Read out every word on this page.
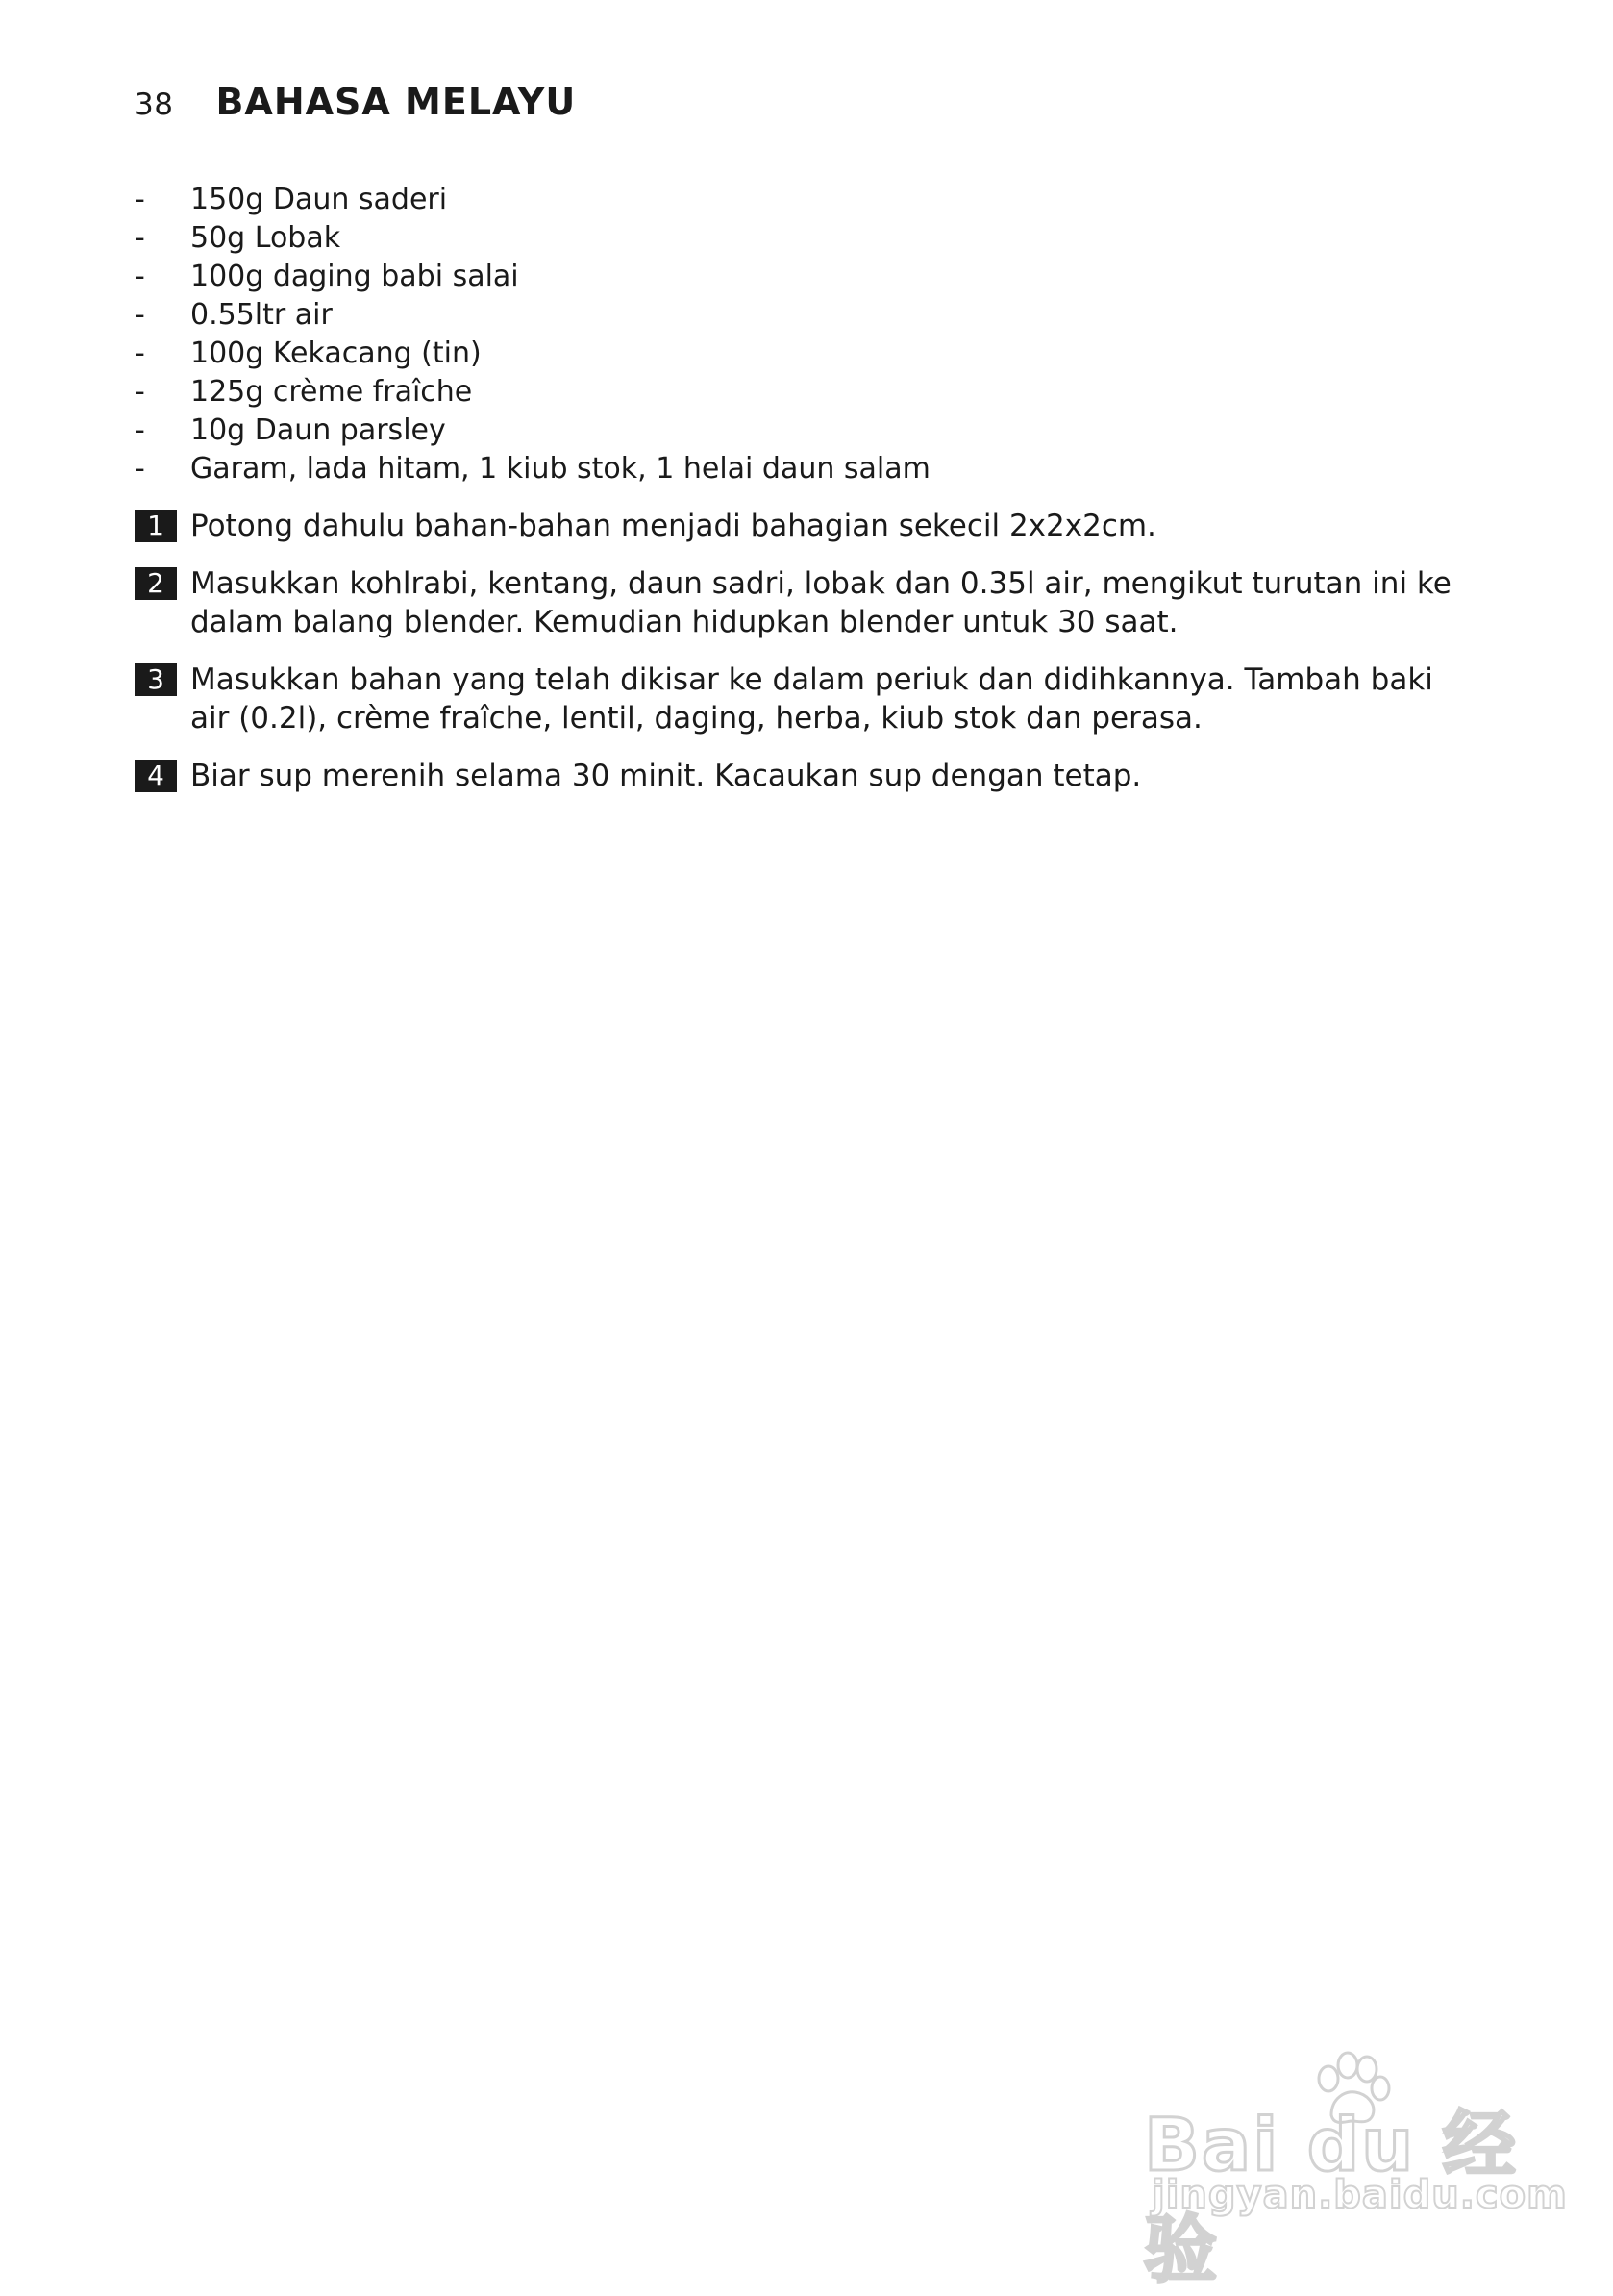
38 BAHASA MELAYU
-	150g Daun saderi
-	50g Lobak
-	100g daging babi salai
-	0.55ltr air
-	100g Kekacang (tin)
-	125g crème fraîche
-	10g Daun parsley
-	Garam, lada hitam, 1 kiub stok, 1 helai daun salam
1 Potong dahulu bahan-bahan menjadi bahagian sekecil 2x2x2cm.
2 Masukkan kohlrabi, kentang, daun sadri, lobak dan 0.35l air, mengikut turutan ini ke dalam balang blender. Kemudian hidupkan blender untuk 30 saat.
3 Masukkan bahan yang telah dikisar ke dalam periuk dan didihkannya. Tambah baki air (0.2l), crème fraîche, lentil, daging, herba, kiub stok dan perasa.
4 Biar sup merenih selama 30 minit. Kacaukan sup dengan tetap.
Bai du 经验
jingyan.baidu.com
